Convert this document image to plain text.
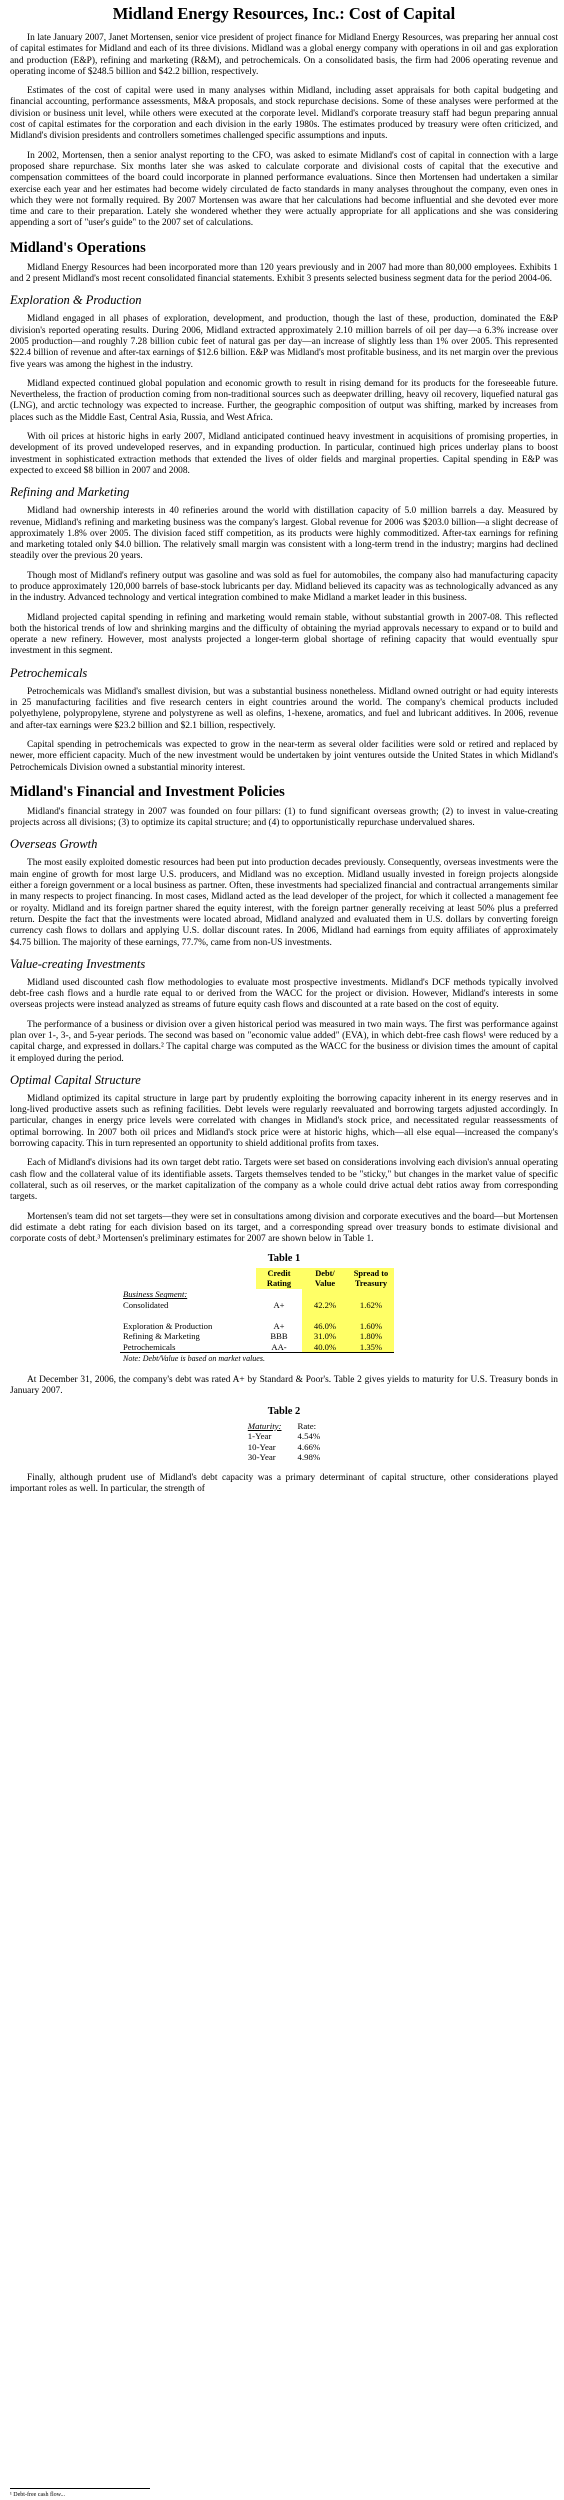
Midland Energy Resources, Inc.: Cost of Capital

In late January 2007, Janet Mortensen, senior vice president of project finance for Midland Energy Resources, was preparing her annual cost of capital estimates for Midland and each of its three divisions. Midland was a global energy company with operations in oil and gas exploration and production (E&P), refining and marketing (R&M), and petrochemicals. On a consolidated basis, the firm had 2006 operating revenue and operating income of $248.5 billion and $42.2 billion, respectively.

Estimates of the cost of capital were used in many analyses within Midland, including asset appraisals for both capital budgeting and financial accounting, performance assessments, M&A proposals, and stock repurchase decisions. Some of these analyses were performed at the division or business unit level, while others were executed at the corporate level. Midland's corporate treasury staff had begun preparing annual cost of capital estimates for the corporation and each division in the early 1980s. The estimates produced by treasury were often criticized, and Midland's division presidents and controllers sometimes challenged specific assumptions and inputs.

In 2002, Mortensen, then a senior analyst reporting to the CFO, was asked to esimate Midland's cost of capital in connection with a large proposed share repurchase. Six months later she was asked to calculate corporate and divisional costs of capital that the executive and compensation committees of the board could incorporate in planned performance evaluations. Since then Mortensen had undertaken a similar exercise each year and her estimates had become widely circulated de facto standards in many analyses throughout the company, even ones in which they were not formally required. By 2007 Mortensen was aware that her calculations had become influential and she devoted ever more time and care to their preparation. Lately she wondered whether they were actually appropriate for all applications and she was considering appending a sort of "user's guide" to the 2007 set of calculations.

Midland's Operations

Midland Energy Resources had been incorporated more than 120 years previously and in 2007 had more than 80,000 employees. Exhibits 1 and 2 present Midland's most recent consolidated financial statements. Exhibit 3 presents selected business segment data for the period 2004-06.

Exploration & Production

Midland engaged in all phases of exploration, development, and production, though the last of these, production, dominated the E&P division's reported operating results. During 2006, Midland extracted approximately 2.10 million barrels of oil per day—a 6.3% increase over 2005 production—and roughly 7.28 billion cubic feet of natural gas per day—an increase of slightly less than 1% over 2005. This represented $22.4 billion of revenue and after-tax earnings of $12.6 billion. E&P was Midland's most profitable business, and its net margin over the previous five years was among the highest in the industry.

Midland expected continued global population and economic growth to result in rising demand for its products for the foreseeable future. Nevertheless, the fraction of production coming from non-traditional sources such as deepwater drilling, heavy oil recovery, liquefied natural gas (LNG), and arctic technology was expected to increase. Further, the geographic composition of output was shifting, marked by increases from places such as the Middle East, Central Asia, Russia, and West Africa.

With oil prices at historic highs in early 2007, Midland anticipated continued heavy investment in acquisitions of promising properties, in development of its proved undeveloped reserves, and in expanding production. In particular, continued high prices underlay plans to boost investment in sophisticated extraction methods that extended the lives of older fields and marginal properties. Capital spending in E&P was expected to exceed $8 billion in 2007 and 2008.

Refining and Marketing

Midland had ownership interests in 40 refineries around the world with distillation capacity of 5.0 million barrels a day. Measured by revenue, Midland's refining and marketing business was the company's largest. Global revenue for 2006 was $203.0 billion—a slight decrease of approximately 1.8% over 2005. The division faced stiff competition, as its products were highly commoditized. After-tax earnings for refining and marketing totaled only $4.0 billion. The relatively small margin was consistent with a long-term trend in the industry; margins had declined steadily over the previous 20 years.

Though most of Midland's refinery output was gasoline and was sold as fuel for automobiles, the company also had manufacturing capacity to produce approximately 120,000 barrels of base-stock lubricants per day. Midland believed its capacity was as technologically advanced as any in the industry. Advanced technology and vertical integration combined to make Midland a market leader in this business.

Midland projected capital spending in refining and marketing would remain stable, without substantial growth in 2007-08. This reflected both the historical trends of low and shrinking margins and the difficulty of obtaining the myriad approvals necessary to expand or to build and operate a new refinery. However, most analysts projected a longer-term global shortage of refining capacity that would eventually spur investment in this segment.

Petrochemicals

Petrochemicals was Midland's smallest division, but was a substantial business nonetheless. Midland owned outright or had equity interests in 25 manufacturing facilities and five research centers in eight countries around the world. The company's chemical products included polyethylene, polypropylene, styrene and polystyrene as well as olefins, 1-hexene, aromatics, and fuel and lubricant additives. In 2006, revenue and after-tax earnings were $23.2 billion and $2.1 billion, respectively.

Capital spending in petrochemicals was expected to grow in the near-term as several older facilities were sold or retired and replaced by newer, more efficient capacity. Much of the new investment would be undertaken by joint ventures outside the United States in which Midland's Petrochemicals Division owned a substantial minority interest.

Midland's Financial and Investment Policies

Midland's financial strategy in 2007 was founded on four pillars: (1) to fund significant overseas growth; (2) to invest in value-creating projects across all divisions; (3) to optimize its capital structure; and (4) to opportunistically repurchase undervalued shares.

Overseas Growth

The most easily exploited domestic resources had been put into production decades previously. Consequently, overseas investments were the main engine of growth for most large U.S. producers, and Midland was no exception. Midland usually invested in foreign projects alongside either a foreign government or a local business as partner. Often, these investments had specialized financial and contractual arrangements similar in many respects to project financing. In most cases, Midland acted as the lead developer of the project, for which it collected a management fee or royalty. Midland and its foreign partner shared the equity interest, with the foreign partner generally receiving at least 50% plus a preferred return. Despite the fact that the investments were located abroad, Midland analyzed and evaluated them in U.S. dollars by converting foreign currency cash flows to dollars and applying U.S. dollar discount rates. In 2006, Midland had earnings from equity affiliates of approximately $4.75 billion. The majority of these earnings, 77.7%, came from non-US investments.

Value-creating Investments

Midland used discounted cash flow methodologies to evaluate most prospective investments. Midland's DCF methods typically involved debt-free cash flows and a hurdle rate equal to or derived from the WACC for the project or division. However, Midland's interests in some overseas projects were instead analyzed as streams of future equity cash flows and discounted at a rate based on the cost of equity.

The performance of a business or division over a given historical period was measured in two main ways. The first was performance against plan over 1-, 3-, and 5-year periods. The second was based on "economic value added" (EVA), in which debt-free cash flows¹ were reduced by a capital charge, and expressed in dollars.² The capital charge was computed as the WACC for the business or division times the amount of capital it employed during the period.

Optimal Capital Structure

Midland optimized its capital structure in large part by prudently exploiting the borrowing capacity inherent in its energy reserves and in long-lived productive assets such as refining facilities. Debt levels were regularly reevaluated and borrowing targets adjusted accordingly. In particular, changes in energy price levels were correlated with changes in Midland's stock price, and necessitated regular reassessments of optimal borrowing. In 2007 both oil prices and Midland's stock price were at historic highs, which—all else equal—increased the company's borrowing capacity. This in turn represented an opportunity to shield additional profits from taxes.

Each of Midland's divisions had its own target debt ratio. Targets were set based on considerations involving each division's annual operating cash flow and the collateral value of its identifiable assets. Targets themselves tended to be "sticky," but changes in the market value of specific collateral, such as oil reserves, or the market capitalization of the company as a whole could drive actual debt ratios away from corresponding targets.

Mortensen's team did not set targets—they were set in consultations among division and corporate executives and the board—but Mortensen did estimate a debt rating for each division based on its target, and a corresponding spread over treasury bonds to estimate divisional and corporate costs of debt.³ Mortensen's preliminary estimates for 2007 are shown below in Table 1.

Table 1
	Credit Rating	Debt/ Value	Spread to Treasury
Business Segment:			
Consolidated	A+	42.2%	1.62%

Exploration & Production	A+	46.0%	1.60%
Refining & Marketing	BBB	31.0%	1.80%
Petrochemicals	AA-	40.0%	1.35%
Note: Debt/Value is based on market values.			

At December 31, 2006, the company's debt was rated A+ by Standard & Poor's. Table 2 gives yields to maturity for U.S. Treasury bonds in January 2007.

Table 2
Maturity:	Rate:
1-Year	4.54%
10-Year	4.66%
30-Year	4.98%

Finally, although prudent use of Midland's debt capacity was a primary determinant of capital structure, other considerations played important roles as well. In particular, the strength of

¹ Debt-free cash flow...
